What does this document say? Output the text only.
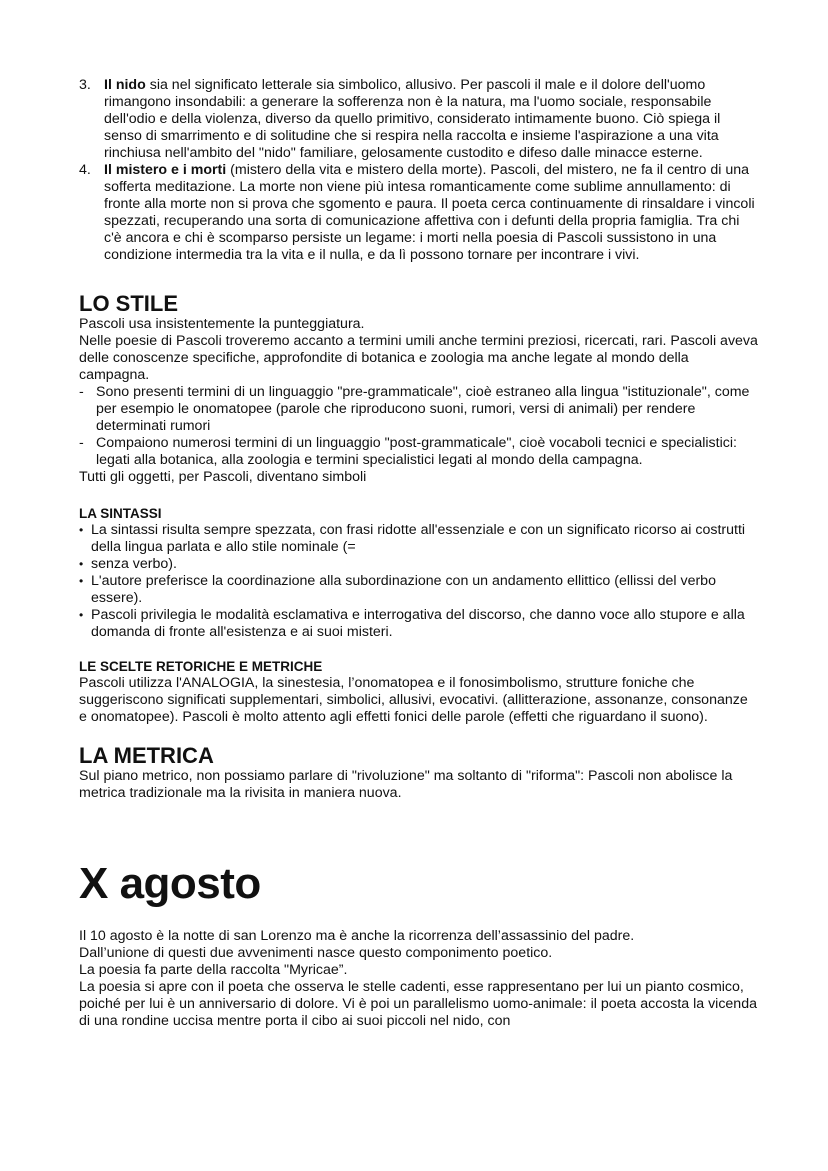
3. Il nido sia nel significato letterale sia simbolico, allusivo. Per pascoli il male e il dolore dell'uomo rimangono insondabili: a generare la sofferenza non è la natura, ma l'uomo sociale, responsabile dell'odio e della violenza, diverso da quello primitivo, considerato intimamente buono. Ciò spiega il senso di smarrimento e di solitudine che si respira nella raccolta e insieme l'aspirazione a una vita rinchiusa nell'ambito del "nido" familiare, gelosamente custodito e difeso dalle minacce esterne.
4. Il mistero e i morti (mistero della vita e mistero della morte). Pascoli, del mistero, ne fa il centro di una sofferta meditazione. La morte non viene più intesa romanticamente come sublime annullamento: di fronte alla morte non si prova che sgomento e paura. Il poeta cerca continuamente di rinsaldare i vincoli spezzati, recuperando una sorta di comunicazione affettiva con i defunti della propria famiglia. Tra chi c'è ancora e chi è scomparso persiste un legame: i morti nella poesia di Pascoli sussistono in una condizione intermedia tra la vita e il nulla, e da lì possono tornare per incontrare i vivi.
LO STILE

Pascoli usa insistentemente la punteggiatura.

Nelle poesie di Pascoli troveremo accanto a termini umili anche termini preziosi, ricercati, rari. Pascoli aveva delle conoscenze specifiche, approfondite di botanica e zoologia ma anche legate al mondo della campagna.

- Sono presenti termini di un linguaggio "pre-grammaticale", cioè estraneo alla lingua "istituzionale", come per esempio le onomatopee (parole che riproducono suoni, rumori, versi di animali) per rendere determinati rumori
- Compaiono numerosi termini di un linguaggio "post-grammaticale", cioè vocaboli tecnici e specialistici: legati alla botanica, alla zoologia e termini specialistici legati al mondo della campagna.

Tutti gli oggetti, per Pascoli, diventano simboli

LA SINTASSI
• La sintassi risulta sempre spezzata, con frasi ridotte all'essenziale e con un significato ricorso ai costrutti della lingua parlata e allo stile nominale (=
• senza verbo).
• L'autore preferisce la coordinazione alla subordinazione con un andamento ellittico (ellissi del verbo essere).
• Pascoli privilegia le modalità esclamativa e interrogativa del discorso, che danno voce allo stupore e alla domanda di fronte all'esistenza e ai suoi misteri.
LE SCELTE RETORICHE E METRICHE

Pascoli utilizza l'ANALOGIA, la sinestesia, l’onomatopea e il fonosimbolismo, strutture foniche che suggeriscono significati supplementari, simbolici, allusivi, evocativi. (allitterazione, assonanze, consonanze e onomatopee). Pascoli è molto attento agli effetti fonici delle parole (effetti che riguardano il suono).

LA METRICA

Sul piano metrico, non possiamo parlare di "rivoluzione" ma soltanto di "riforma": Pascoli non abolisce la metrica tradizionale ma la rivisita in maniera nuova.

X agosto

Il 10 agosto è la notte di san Lorenzo ma è anche la ricorrenza dell’assassinio del padre.

Dall’unione di questi due avvenimenti nasce questo componimento poetico.

La poesia fa parte della raccolta "Myricae”.

La poesia si apre con il poeta che osserva le stelle cadenti, esse rappresentano per lui un pianto cosmico, poiché per lui è un anniversario di dolore. Vi è poi un parallelismo uomo-animale: il poeta accosta la vicenda di una rondine uccisa mentre porta il cibo ai suoi piccoli nel nido, con
